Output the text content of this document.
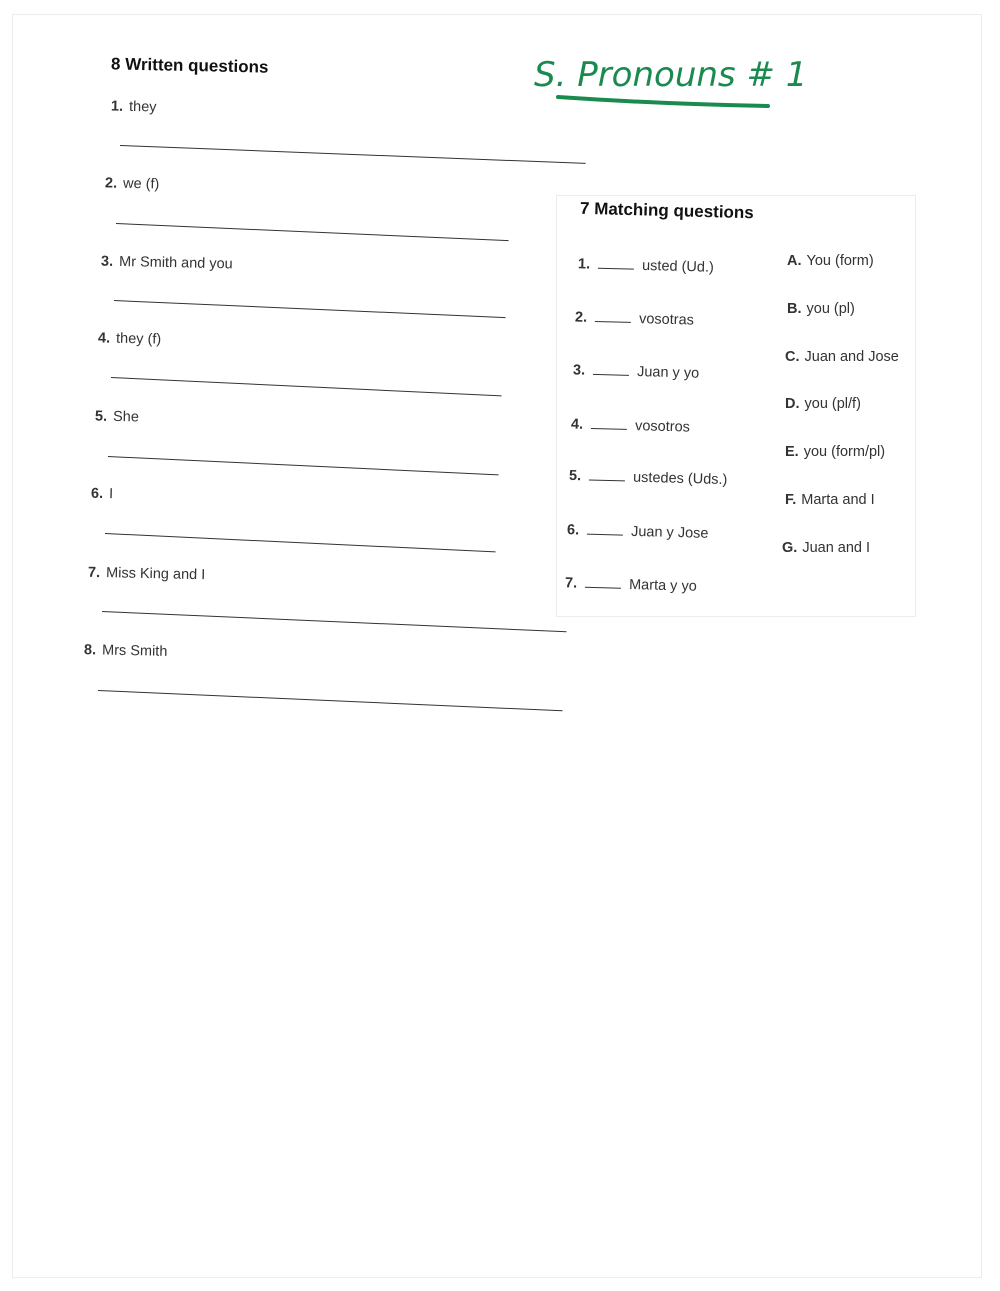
S. Pronouns # 1
8 Written questions
1. they
2. we (f)
3. Mr Smith and you
4. they (f)
5. She
6. I
7. Miss King and I
8. Mrs Smith
7 Matching questions
1.	usted (Ud.)
2.	vosotras
3.	Juan y yo
4.	vosotros
5.	ustedes (Uds.)
6.	Juan y Jose
7.	Marta y yo
A. You (form)
B. you (pl)
C. Juan and Jose
D. you (pl/f)
E. you (form/pl)
F. Marta and I
G. Juan and I
